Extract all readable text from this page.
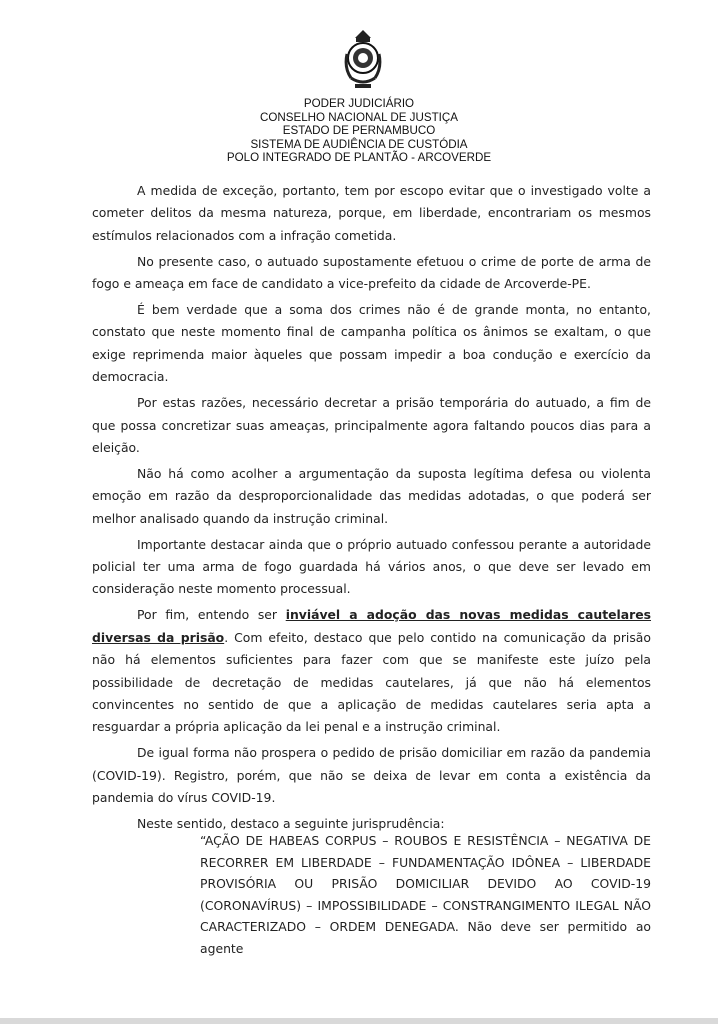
PODER JUDICIÁRIO
CONSELHO NACIONAL DE JUSTIÇA
ESTADO DE PERNAMBUCO
SISTEMA DE AUDIÊNCIA DE CUSTÓDIA
POLO INTEGRADO DE PLANTÃO - ARCOVERDE

A medida de exceção, portanto, tem por escopo evitar que o investigado volte a cometer delitos da mesma natureza, porque, em liberdade, encontrariam os mesmos estímulos relacionados com a infração cometida.

No presente caso, o autuado supostamente efetuou o crime de porte de arma de fogo e ameaça em face de candidato a vice-prefeito da cidade de Arcoverde-PE.

É bem verdade que a soma dos crimes não é de grande monta, no entanto, constato que neste momento final de campanha política os ânimos se exaltam, o que exige reprimenda maior àqueles que possam impedir a boa condução e exercício da democracia.

Por estas razões, necessário decretar a prisão temporária do autuado, a fim de que possa concretizar suas ameaças, principalmente agora faltando poucos dias para a eleição.

Não há como acolher a argumentação da suposta legítima defesa ou violenta emoção em razão da desproporcionalidade das medidas adotadas, o que poderá ser melhor analisado quando da instrução criminal.

Importante destacar ainda que o próprio autuado confessou perante a autoridade policial ter uma arma de fogo guardada há vários anos, o que deve ser levado em consideração neste momento processual.

Por fim, entendo ser inviável a adoção das novas medidas cautelares diversas da prisão. Com efeito, destaco que pelo contido na comunicação da prisão não há elementos suficientes para fazer com que se manifeste este juízo pela possibilidade de decretação de medidas cautelares, já que não há elementos convincentes no sentido de que a aplicação de medidas cautelares seria apta a resguardar a própria aplicação da lei penal e a instrução criminal.

De igual forma não prospera o pedido de prisão domiciliar em razão da pandemia (COVID-19). Registro, porém, que não se deixa de levar em conta a existência da pandemia do vírus COVID-19.

Neste sentido, destaco a seguinte jurisprudência:

“AÇÃO DE HABEAS CORPUS – ROUBOS E RESISTÊNCIA – NEGATIVA DE RECORRER EM LIBERDADE – FUNDAMENTAÇÃO IDÔNEA – LIBERDADE PROVISÓRIA OU PRISÃO DOMICILIAR DEVIDO AO COVID-19 (CORONAVÍRUS) – IMPOSSIBILIDADE – CONSTRANGIMENTO ILEGAL NÃO CARACTERIZADO – ORDEM DENEGADA. Não deve ser permitido ao agente
